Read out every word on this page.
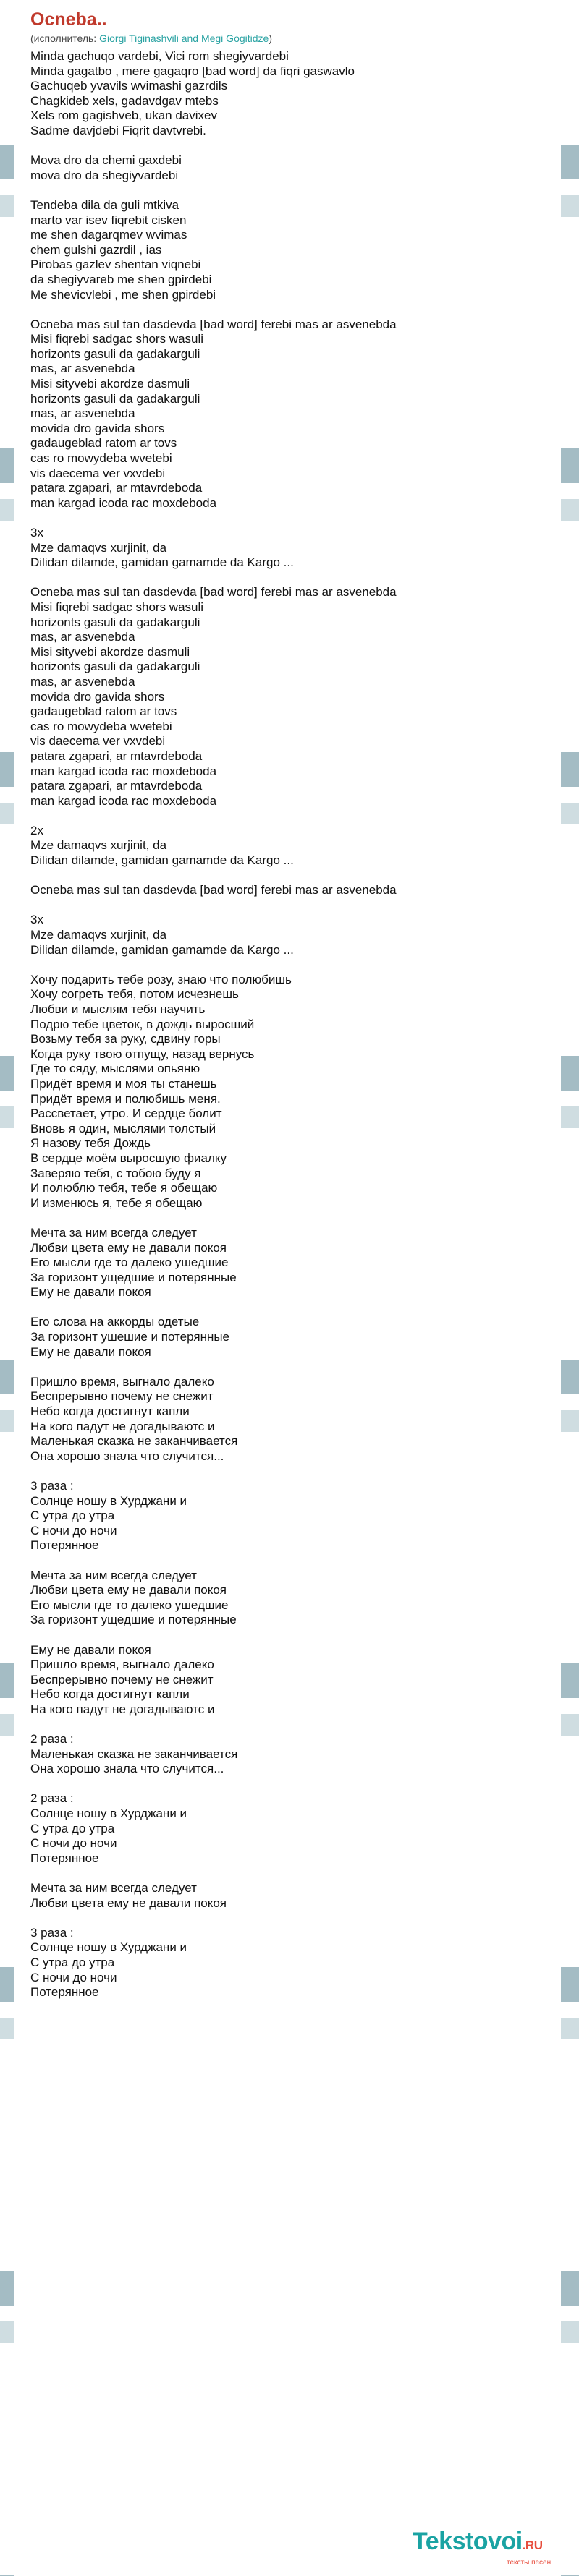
Ocneba..
(исполнитель: Giorgi Tiginashvili and Megi Gogitidze)
Minda gachuqo vardebi, Vici rom shegiyvardebi
Minda gagatbo , mere gagaqro [bad word] da fiqri gaswavlo
Gachuqeb yvavils wvimashi gazrdils
Chagkideb xels, gadavdgav mtebs
Xels rom gagishveb, ukan davixev
Sadme davjdebi Fiqrit davtvrebi.
Mova dro da chemi gaxdebi
mova dro da shegiyvardebi
Tendeba dila da guli mtkiva
marto var isev fiqrebit cisken
me shen dagarqmev wvimas
chem gulshi gazrdil , ias
Pirobas gazlev shentan viqnebi
da shegiyvareb me shen gpirdebi
Me shevicvlebi , me shen gpirdebi
Ocneba mas sul tan dasdevda [bad word] ferebi mas ar asvenebda
Misi fiqrebi sadgac shors wasuli
horizonts gasuli da gadakarguli
mas, ar asvenebda
Misi sityvebi akordze dasmuli
horizonts gasuli da gadakarguli
mas, ar asvenebda
movida dro gavida shors
gadaugeblad ratom ar tovs
cas ro mowydeba wvetebi
vis daecema ver vxvdebi
patara zgapari, ar mtavrdeboda
man kargad icoda rac moxdeboda
3x
Mze damaqvs xurjinit, da
Dilidan dilamde, gamidan gamamde da Kargo ...
Ocneba mas sul tan dasdevda [bad word] ferebi mas ar asvenebda
Misi fiqrebi sadgac shors wasuli
horizonts gasuli da gadakarguli
mas, ar asvenebda
Misi sityvebi akordze dasmuli
horizonts gasuli da gadakarguli
mas, ar asvenebda
movida dro gavida shors
gadaugeblad ratom ar tovs
cas ro mowydeba wvetebi
vis daecema ver vxvdebi
patara zgapari, ar mtavrdeboda
man kargad icoda rac moxdeboda
patara zgapari, ar mtavrdeboda
man kargad icoda rac moxdeboda
2x
Mze damaqvs xurjinit, da
Dilidan dilamde, gamidan gamamde da Kargo ...
Ocneba mas sul tan dasdevda [bad word] ferebi mas ar asvenebda
3x
Mze damaqvs xurjinit, da
Dilidan dilamde, gamidan gamamde da Kargo ...
Хочу подарить тебе розу, знаю что полюбишь
Хочу согреть тебя, потом исчезнешь
Любви и мыслям тебя научить
Подрю тебе цветок, в дождь выросший
Возьму тебя за руку, сдвину горы
Когда руку твою отпущу, назад вернусь
Где то сяду, мыслями опьяню
Придёт время и моя ты станешь
Придёт время и полюбишь меня.
Рассветает, утро. И сердце болит
Вновь я один, мыслями толстый
Я назову тебя Дождь
В сердце моём выросшую фиалку
Заверяю тебя, с тобою буду я
И полюблю тебя, тебе я обещаю
И изменюсь я, тебе я обещаю
Мечта за ним всегда следует
Любви цвета ему не давали покоя
Его мысли где то далеко ушедшие
За горизонт ущедшие и потерянные
Ему не давали покоя
Его слова на аккорды одетые
За горизонт ушешие и потерянные
Ему не давали покоя
Пришло время, выгнало далеко
Беспрерывно почему не снежит
Небо когда достигнут капли
На кого падут не догадываютс и
Маленькая сказка не заканчивается
Она хорошо знала что случится...
3 раза :
Солнце ношу в Хурджани и
С утра до утра
С ночи до ночи
Потерянное
Мечта за ним всегда следует
Любви цвета ему не давали покоя
Его мысли где то далеко ушедшие
За горизонт ущедшие и потерянные
Ему не давали покоя
Пришло время, выгнало далеко
Беспрерывно почему не снежит
Небо когда достигнут капли
На кого падут не догадываютс и
2 раза :
Маленькая сказка не заканчивается
Она хорошо знала что случится...
2 раза :
Солнце ношу в Хурджани и
С утра до утра
С ночи до ночи
Потерянное
Мечта за ним всегда следует
Любви цвета ему не давали покоя
3 раза :
Солнце ношу в Хурджани и
С утра до утра
С ночи до ночи
Потерянное
Tekstovoi.RU
тексты песен
